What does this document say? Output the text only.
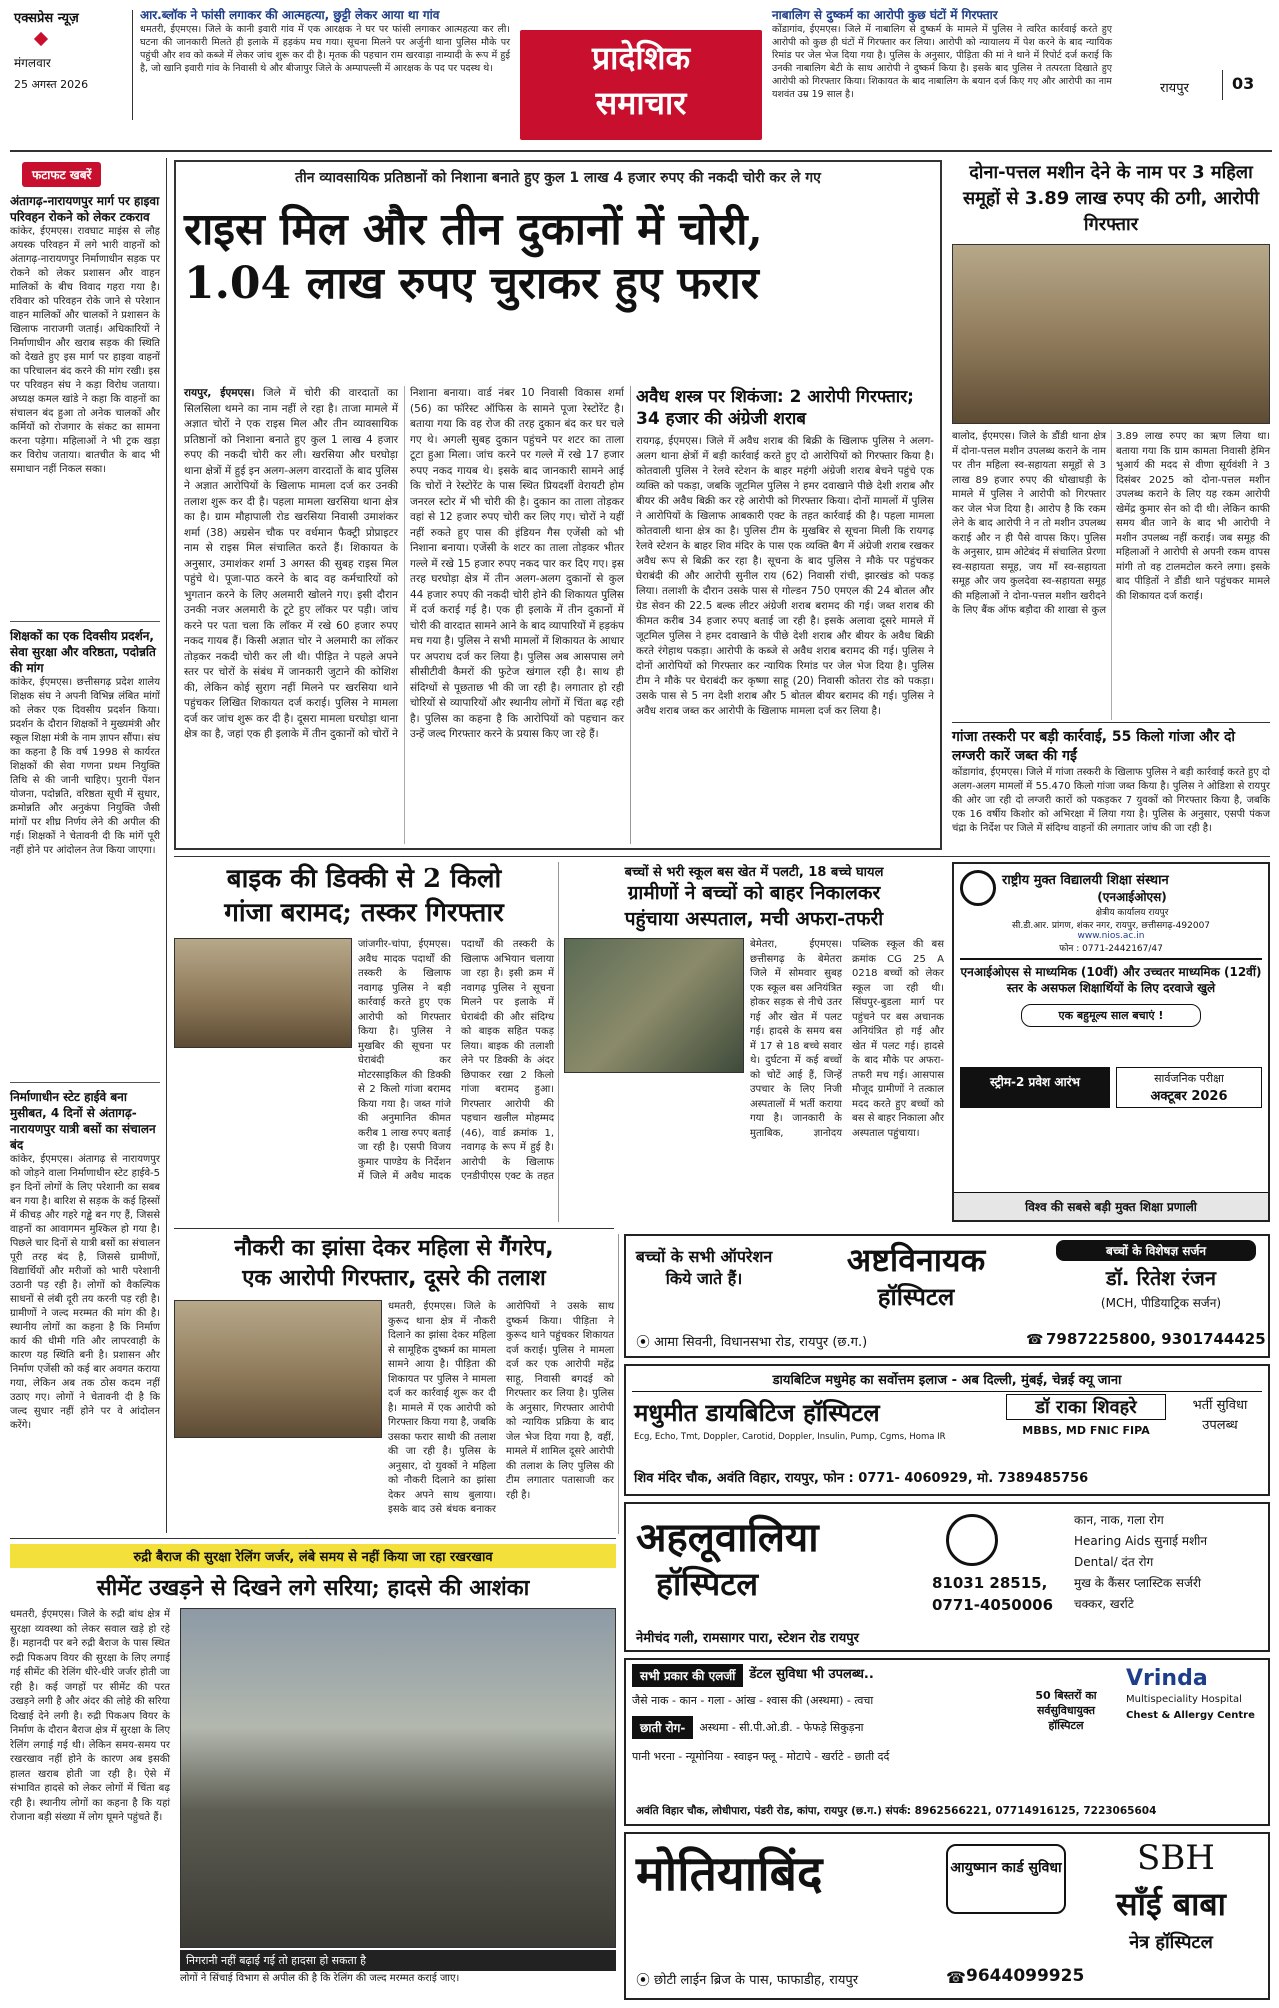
एक्सप्रेस न्यूज़
मंगलवार
25 अगस्त 2026
आर.ब्लॉक ने फांसी लगाकर की आत्महत्या, छुट्टी लेकर आया था गांव
धमतरी, ईएमएस। जिले के कानी इवारी गांव में एक आरक्षक ने घर पर फांसी लगाकर आत्महत्या कर ली। घटना की जानकारी मिलते ही इलाके में हड़कंप मच गया। सूचना मिलने पर अर्जुनी थाना पुलिस मौके पर पहुंची और शव को कब्जे में लेकर जांच शुरू कर दी है। मृतक की पहचान राम खरवाड़ा नाम्यादी के रूप में हुई है, जो खानि इवारी गांव के निवासी थे और बीजापुर जिले के अम्पापल्ली में आरक्षक के पद पर पदस्थ थे।	प्रादेशिक
समाचार
नाबालिग से दुष्कर्म का आरोपी कुछ घंटों में गिरफ्तार
कोंडागांव, ईएमएस। जिले में नाबालिग से दुष्कर्म के मामले में पुलिस ने त्वरित कार्रवाई करते हुए आरोपी को कुछ ही घंटों में गिरफ्तार कर लिया। आरोपी को न्यायालय में पेश करने के बाद न्यायिक रिमांड पर जेल भेज दिया गया है। पुलिस के अनुसार, पीड़िता की मां ने थाने में रिपोर्ट दर्ज कराई कि उनकी नाबालिग बेटी के साथ आरोपी ने दुष्कर्म किया है। इसके बाद पुलिस ने तत्परता दिखाते हुए आरोपी को गिरफ्तार किया। शिकायत के बाद नाबालिग के बयान दर्ज किए गए और आरोपी का नाम यशवंत उम्र 19 साल है।	रायपुर	03
फटाफट खबरें
अंतागढ़-नारायणपुर मार्ग पर हाइवा परिवहन रोकने को लेकर टकराव
कांकेर, ईएमएस। रावघाट माइंस से लौह अयस्क परिवहन में लगे भारी वाहनों को अंतागढ़-नारायणपुर निर्माणाधीन सड़क पर रोकने को लेकर प्रशासन और वाहन मालिकों के बीच विवाद गहरा गया है। रविवार को परिवहन रोके जाने से परेशान वाहन मालिकों और चालकों ने प्रशासन के खिलाफ नाराजगी जताई। अधिकारियों ने निर्माणाधीन और खराब सड़क की स्थिति को देखते हुए इस मार्ग पर हाइवा वाहनों का परिचालन बंद करने की मांग रखी। इस पर परिवहन संघ ने कड़ा विरोध जताया। अध्यक्ष कमल खांडे ने कहा कि वाहनों का संचालन बंद हुआ तो अनेक चालकों और कर्मियों को रोजगार के संकट का सामना करना पड़ेगा। महिलाओं ने भी ट्रक खड़ा कर विरोध जताया। बातचीत के बाद भी समाधान नहीं निकल सका।
शिक्षकों का एक दिवसीय प्रदर्शन, सेवा सुरक्षा और वरिष्ठता, पदोन्नति की मांग
कांकेर, ईएमएस। छत्तीसगढ़ प्रदेश शालेय शिक्षक संघ ने अपनी विभिन्न लंबित मांगों को लेकर एक दिवसीय प्रदर्शन किया। प्रदर्शन के दौरान शिक्षकों ने मुख्यमंत्री और स्कूल शिक्षा मंत्री के नाम ज्ञापन सौंपा। संघ का कहना है कि वर्ष 1998 से कार्यरत शिक्षकों की सेवा गणना प्रथम नियुक्ति तिथि से की जानी चाहिए। पुरानी पेंशन योजना, पदोन्नति, वरिष्ठता सूची में सुधार, क्रमोन्नति और अनुकंपा नियुक्ति जैसी मांगों पर शीघ्र निर्णय लेने की अपील की गई। शिक्षकों ने चेतावनी दी कि मांगें पूरी नहीं होने पर आंदोलन तेज किया जाएगा।
निर्माणाधीन स्टेट हाईवे बना मुसीबत, 4 दिनों से अंतागढ़-नारायणपुर यात्री बसों का संचालन बंद
कांकेर, ईएमएस। अंतागढ़ से नारायणपुर को जोड़ने वाला निर्माणाधीन स्टेट हाईवे-5 इन दिनों लोगों के लिए परेशानी का सबब बन गया है। बारिश से सड़क के कई हिस्सों में कीचड़ और गहरे गड्ढे बन गए हैं, जिससे वाहनों का आवागमन मुश्किल हो गया है। पिछले चार दिनों से यात्री बसों का संचालन पूरी तरह बंद है, जिससे ग्रामीणों, विद्यार्थियों और मरीजों को भारी परेशानी उठानी पड़ रही है। लोगों को वैकल्पिक साधनों से लंबी दूरी तय करनी पड़ रही है। ग्रामीणों ने जल्द मरम्मत की मांग की है। स्थानीय लोगों का कहना है कि निर्माण कार्य की धीमी गति और लापरवाही के कारण यह स्थिति बनी है। प्रशासन और निर्माण एजेंसी को कई बार अवगत कराया गया, लेकिन अब तक ठोस कदम नहीं उठाए गए। लोगों ने चेतावनी दी है कि जल्द सुधार नहीं होने पर वे आंदोलन करेंगे।
तीन व्यावसायिक प्रतिष्ठानों को निशाना बनाते हुए कुल 1 लाख 4 हजार रुपए की नकदी चोरी कर ले गए
राइस मिल और तीन दुकानों में चोरी,
1.04 लाख रुपए चुराकर हुए फरार
रायपुर, ईएमएस। जिले में चोरी की वारदातों का सिलसिला थमने का नाम नहीं ले रहा है। ताजा मामले में अज्ञात चोरों ने एक राइस मिल और तीन व्यावसायिक प्रतिष्ठानों को निशाना बनाते हुए कुल 1 लाख 4 हजार रुपए की नकदी चोरी कर ली। खरसिया और घरघोड़ा थाना क्षेत्रों में हुई इन अलग-अलग वारदातों के बाद पुलिस ने अज्ञात आरोपियों के खिलाफ मामला दर्ज कर उनकी तलाश शुरू कर दी है। पहला मामला खरसिया थाना क्षेत्र का है। ग्राम मौहापाली रोड खरसिया निवासी उमाशंकर शर्मा (38) अग्रसेन चौक पर वर्धमान फैक्ट्री प्रोप्राइटर नाम से राइस मिल संचालित करते हैं। शिकायत के अनुसार, उमाशंकर शर्मा 3 अगस्त की सुबह राइस मिल पहुंचे थे। पूजा-पाठ करने के बाद वह कर्मचारियों को भुगतान करने के लिए अलमारी खोलने गए। इसी दौरान उनकी नजर अलमारी के टूटे हुए लॉकर पर पड़ी। जांच करने पर पता चला कि लॉकर में रखे 60 हजार रुपए नकद गायब हैं। किसी अज्ञात चोर ने अलमारी का लॉकर तोड़कर नकदी चोरी कर ली थी। पीड़ित ने पहले अपने स्तर पर चोरों के संबंध में जानकारी जुटाने की कोशिश की, लेकिन कोई सुराग नहीं मिलने पर खरसिया थाने पहुंचकर लिखित शिकायत दर्ज कराई। पुलिस ने मामला दर्ज कर जांच शुरू कर दी है। दूसरा मामला घरघोड़ा थाना क्षेत्र का है, जहां एक ही इलाके में तीन दुकानों को चोरों ने निशाना बनाया। वार्ड नंबर 10 निवासी विकास शर्मा (56) का फॉरेस्ट ऑफिस के सामने पूजा रेस्टोरेंट है। बताया गया कि वह रोज की तरह दुकान बंद कर घर चले गए थे। अगली सुबह दुकान पहुंचने पर शटर का ताला टूटा हुआ मिला। जांच करने पर गल्ले में रखे 17 हजार रुपए नकद गायब थे। इसके बाद जानकारी सामने आई कि चोरों ने रेस्टोरेंट के पास स्थित प्रियदर्शी वेरायटी होम जनरल स्टोर में भी चोरी की है। दुकान का ताला तोड़कर वहां से 12 हजार रुपए चोरी कर लिए गए। चोरों ने यहीं नहीं रुकते हुए पास की इंडियन गैस एजेंसी को भी निशाना बनाया। एजेंसी के शटर का ताला तोड़कर भीतर गल्ले में रखे 15 हजार रुपए नकद पार कर दिए गए। इस तरह घरघोड़ा क्षेत्र में तीन अलग-अलग दुकानों से कुल 44 हजार रुपए की नकदी चोरी होने की शिकायत पुलिस में दर्ज कराई गई है। एक ही इलाके में तीन दुकानों में चोरी की वारदात सामने आने के बाद व्यापारियों में हड़कंप मच गया है। पुलिस ने सभी मामलों में शिकायत के आधार पर अपराध दर्ज कर लिया है। पुलिस अब आसपास लगे सीसीटीवी कैमरों की फुटेज खंगाल रही है। साथ ही संदिग्धों से पूछताछ भी की जा रही है। लगातार हो रही चोरियों से व्यापारियों और स्थानीय लोगों में चिंता बढ़ रही है। पुलिस का कहना है कि आरोपियों को पहचान कर उन्हें जल्द गिरफ्तार करने के प्रयास किए जा रहे हैं।
अवैध शस्त्र पर शिकंजा: 2 आरोपी गिरफ्तार; 34 हजार की अंग्रेजी शराब
रायगढ़, ईएमएस। जिले में अवैध शराब की बिक्री के खिलाफ पुलिस ने अलग-अलग थाना क्षेत्रों में बड़ी कार्रवाई करते हुए दो आरोपियों को गिरफ्तार किया है। कोतवाली पुलिस ने रेलवे स्टेशन के बाहर महंगी अंग्रेजी शराब बेचने पहुंचे एक व्यक्ति को पकड़ा, जबकि जूटमिल पुलिस ने हमर दवाखाने पीछे देशी शराब और बीयर की अवैध बिक्री कर रहे आरोपी को गिरफ्तार किया। दोनों मामलों में पुलिस ने आरोपियों के खिलाफ आबकारी एक्ट के तहत कार्रवाई की है। पहला मामला कोतवाली थाना क्षेत्र का है। पुलिस टीम के मुखबिर से सूचना मिली कि रायगढ़ रेलवे स्टेशन के बाहर शिव मंदिर के पास एक व्यक्ति बैग में अंग्रेजी शराब रखकर अवैध रूप से बिक्री कर रहा है। सूचना के बाद पुलिस ने मौके पर पहुंचकर घेराबंदी की और आरोपी सुनील राय (62) निवासी रांची, झारखंड को पकड़ लिया। तलाशी के दौरान उसके पास से गोल्डन 750 एमएल की 24 बोतल और ग्रेड सेवन की 22.5 बल्क लीटर अंग्रेजी शराब बरामद की गई। जब्त शराब की कीमत करीब 34 हजार रुपए बताई जा रही है। इसके अलावा दूसरे मामले में जूटमिल पुलिस ने हमर दवाखाने के पीछे देशी शराब और बीयर के अवैध बिक्री करते रंगेहाथ पकड़ा। आरोपी के कब्जे से अवैध शराब बरामद की गई। पुलिस ने दोनों आरोपियों को गिरफ्तार कर न्यायिक रिमांड पर जेल भेज दिया है। पुलिस टीम ने मौके पर घेराबंदी कर कृष्णा साहू (20) निवासी कोतरा रोड को पकड़ा। उसके पास से 5 नग देशी शराब और 5 बोतल बीयर बरामद की गई। पुलिस ने अवैध शराब जब्त कर आरोपी के खिलाफ मामला दर्ज कर लिया है।
दोना-पत्तल मशीन देने के नाम पर 3 महिला समूहों से 3.89 लाख रुपए की ठगी, आरोपी गिरफ्तार
बालोद, ईएमएस। जिले के डौंडी थाना क्षेत्र में दोना-पत्तल मशीन उपलब्ध कराने के नाम पर तीन महिला स्व-सहायता समूहों से 3 लाख 89 हजार रुपए की धोखाधड़ी के मामले में पुलिस ने आरोपी को गिरफ्तार कर जेल भेज दिया है। आरोप है कि रकम लेने के बाद आरोपी ने न तो मशीन उपलब्ध कराई और न ही पैसे वापस किए। पुलिस के अनुसार, ग्राम ओटेबंद में संचालित प्रेरणा स्व-सहायता समूह, जय माँ स्व-सहायता समूह और जय कुलदेवा स्व-सहायता समूह की महिलाओं ने दोना-पत्तल मशीन खरीदने के लिए बैंक ऑफ बड़ौदा की शाखा से कुल 3.89 लाख रुपए का ऋण लिया था। बताया गया कि ग्राम कामता निवासी हेमिन भुआर्य की मदद से वीणा सूर्यवंशी ने 3 दिसंबर 2025 को दोना-पत्तल मशीन उपलब्ध कराने के लिए यह रकम आरोपी खेमेंद्र कुमार सेन को दी थी। लेकिन काफी समय बीत जाने के बाद भी आरोपी ने मशीन उपलब्ध नहीं कराई। जब समूह की महिलाओं ने आरोपी से अपनी रकम वापस मांगी तो वह टालमटोल करने लगा। इसके बाद पीड़ितों ने डौंडी थाने पहुंचकर मामले की शिकायत दर्ज कराई।
गांजा तस्करी पर बड़ी कार्रवाई, 55 किलो गांजा और दो लग्जरी कारें जब्त की गईं
कोंडागांव, ईएमएस। जिले में गांजा तस्करी के खिलाफ पुलिस ने बड़ी कार्रवाई करते हुए दो अलग-अलग मामलों में 55.470 किलो गांजा जब्त किया है। पुलिस ने ओडिशा से रायपुर की ओर जा रही दो लग्जरी कारों को पकड़कर 7 युवकों को गिरफ्तार किया है, जबकि एक 16 वर्षीय किशोर को अभिरक्षा में लिया गया है। पुलिस के अनुसार, एसपी पंकज चंद्रा के निर्देश पर जिले में संदिग्ध वाहनों की लगातार जांच की जा रही है।
बाइक की डिक्की से 2 किलो
गांजा बरामद; तस्कर गिरफ्तार
जांजगीर-चांपा, ईएमएस। अवैध मादक पदार्थों की तस्करी के खिलाफ नवागढ़ पुलिस ने बड़ी कार्रवाई करते हुए एक आरोपी को गिरफ्तार किया है। पुलिस ने मुखबिर की सूचना पर घेराबंदी कर मोटरसाइकिल की डिक्की से 2 किलो गांजा बरामद किया गया है। जब्त गांजे की अनुमानित कीमत करीब 1 लाख रुपए बताई जा रही है। एसपी विजय कुमार पाण्डेय के निर्देशन में जिले में अवैध मादक पदार्थों की तस्करी के खिलाफ अभियान चलाया जा रहा है। इसी क्रम में नवागढ़ पुलिस ने सूचना मिलने पर इलाके में घेराबंदी की और संदिग्ध को बाइक सहित पकड़ लिया। बाइक की तलाशी लेने पर डिक्की के अंदर छिपाकर रखा 2 किलो गांजा बरामद हुआ। गिरफ्तार आरोपी की पहचान खलील मोहम्मद (46), वार्ड क्रमांक 1, नवागढ़ के रूप में हुई है। आरोपी के खिलाफ एनडीपीएस एक्ट के तहत
बच्चों से भरी स्कूल बस खेत में पलटी, 18 बच्चे घायल
ग्रामीणों ने बच्चों को बाहर निकालकर
पहुंचाया अस्पताल, मची अफरा-तफरी
बेमेतरा, ईएमएस। छत्तीसगढ़ के बेमेतरा जिले में सोमवार सुबह एक स्कूल बस अनियंत्रित होकर सड़क से नीचे उतर गई और खेत में पलट गई। हादसे के समय बस में 17 से 18 बच्चे सवार थे। दुर्घटना में कई बच्चों को चोटें आई हैं, जिन्हें उपचार के लिए निजी अस्पतालों में भर्ती कराया गया है। जानकारी के मुताबिक, ज्ञानोदय पब्लिक स्कूल की बस क्रमांक CG 25 A 0218 बच्चों को लेकर स्कूल जा रही थी। सिंघपुर-बुडला मार्ग पर पहुंचने पर बस अचानक अनियंत्रित हो गई और खेत में पलट गई। हादसे के बाद मौके पर अफरा-तफरी मच गई। आसपास मौजूद ग्रामीणों ने तत्काल मदद करते हुए बच्चों को बस से बाहर निकाला और अस्पताल पहुंचाया।
राष्ट्रीय मुक्त विद्यालयी शिक्षा संस्थान
(एनआईओएस)
क्षेत्रीय कार्यालय रायपुर
सी.डी.आर. प्रांगण, शंकर नगर, रायपुर, छत्तीसगढ़-492007
www.nios.ac.in
फोन : 0771-2442167/47
एनआईओएस से माध्यमिक (10वीं) और उच्चतर माध्यमिक (12वीं) स्तर के असफल शिक्षार्थियों के लिए दरवाजे खुले
एक बहुमूल्य साल बचाएं !
स्ट्रीम-2 प्रवेश आरंभ	सार्वजनिक परीक्षा
अक्टूबर 2026
विश्व की सबसे बड़ी मुक्त शिक्षा प्रणाली
नौकरी का झांसा देकर महिला से गैंगरेप,
एक आरोपी गिरफ्तार, दूसरे की तलाश
धमतरी, ईएमएस। जिले के कुरूद थाना क्षेत्र में नौकरी दिलाने का झांसा देकर महिला से सामूहिक दुष्कर्म का मामला सामने आया है। पीड़िता की शिकायत पर पुलिस ने मामला दर्ज कर कार्रवाई शुरू कर दी है। मामले में एक आरोपी को गिरफ्तार किया गया है, जबकि उसका फरार साथी की तलाश की जा रही है। पुलिस के अनुसार, दो युवकों ने महिला को नौकरी दिलाने का झांसा देकर अपने साथ बुलाया। इसके बाद उसे बंधक बनाकर आरोपियों ने उसके साथ दुष्कर्म किया। पीड़िता ने कुरूद थाने पहुंचकर शिकायत दर्ज कराई। पुलिस ने मामला दर्ज कर एक आरोपी महेंद्र साहू, निवासी बगदई को गिरफ्तार कर लिया है। पुलिस के अनुसार, गिरफ्तार आरोपी को न्यायिक प्रक्रिया के बाद जेल भेज दिया गया है, वहीं, मामले में शामिल दूसरे आरोपी की तलाश के लिए पुलिस की टीम लगातार पतासाजी कर रही है।
बच्चों के सभी ऑपरेशन किये जाते हैं।	अष्टविनायक
हॉस्पिटल
बच्चों के विशेषज्ञ सर्जन
डॉ. रितेश रंजन
(MCH, पीडियाट्रिक सर्जन)
⦿ आमा सिवनी, विधानसभा रोड, रायपुर (छ.ग.)	☎ 7987225800, 9301744425
डायबिटिज मधुमेह का सर्वोत्तम इलाज - अब दिल्ली, मुंबई, चेन्नई क्यू जाना
मधुमीत डायबिटिज हॉस्पिटल
Ecg, Echo, Tmt, Doppler, Carotid, Doppler, Insulin, Pump, Cgms, Homa IR
डॉ राका शिवहरे
MBBS, MD FNIC FIPA
भर्ती सुविधा उपलब्ध
शिव मंदिर चौक, अवंति विहार, रायपुर, फोन : 0771- 4060929, मो. 7389485756
रुद्री बैराज की सुरक्षा रेलिंग जर्जर, लंबे समय से नहीं किया जा रहा रखरखाव
सीमेंट उखड़ने से दिखने लगे सरिया; हादसे की आशंका
धमतरी, ईएमएस। जिले के रुद्री बांध क्षेत्र में सुरक्षा व्यवस्था को लेकर सवाल खड़े हो रहे हैं। महानदी पर बने रुद्री बैराज के पास स्थित रुद्री पिकअप वियर की सुरक्षा के लिए लगाई गई सीमेंट की रेलिंग धीरे-धीरे जर्जर होती जा रही है। कई जगहों पर सीमेंट की परत उखड़ने लगी है और अंदर की लोहे की सरिया दिखाई देने लगी है। रुद्री पिकअप वियर के निर्माण के दौरान बैराज क्षेत्र में सुरक्षा के लिए रेलिंग लगाई गई थी। लेकिन समय-समय पर रखरखाव नहीं होने के कारण अब इसकी हालत खराब होती जा रही है। ऐसे में संभावित हादसे को लेकर लोगों में चिंता बढ़ रही है। स्थानीय लोगों का कहना है कि यहां रोजाना बड़ी संख्या में लोग घूमने पहुंचते हैं।
निगरानी नहीं बढ़ाई गई तो हादसा हो सकता है
लोगों ने सिंचाई विभाग से अपील की है कि रेलिंग की जल्द मरम्मत कराई जाए।
अहलूवालिया
हॉस्पिटल	81031 28515,
0771-4050006
कान, नाक, गला रोग
Hearing Aids सुनाई मशीन
Dental/ दंत रोग
मुख के कैंसर प्लास्टिक सर्जरी
चक्कर, खर्राटे
नेमीचंद गली, रामसागर पारा, स्टेशन रोड रायपुर
सभी प्रकार की एलर्जी	डेंटल सुविधा भी उपलब्ध..
जैसे नाक - कान - गला - आंख - श्वास की (अस्थमा) - त्वचा
छाती रोग-	अस्थमा - सी.पी.ओ.डी. - फेफड़े सिकुड़ना
पानी भरना - न्यूमोनिया - स्वाइन फ्लू - मोटापे - खर्राटे - छाती दर्द
50 बिस्तरों का सर्वसुविधायुक्त हॉस्पिटल
Vrinda
Multispeciality Hospital
Chest & Allergy Centre
अवंति विहार चौक, लोधीपारा, पंडरी रोड, कांपा, रायपुर (छ.ग.) संपर्क: 8962566221, 07714916125, 7223065604
मोतियाबिंद	आयुष्मान कार्ड सुविधा	SBH
साँई बाबा
नेत्र हॉस्पिटल
⦿ छोटी लाईन ब्रिज के पास, फाफाडीह, रायपुर	☎ 9644099925
